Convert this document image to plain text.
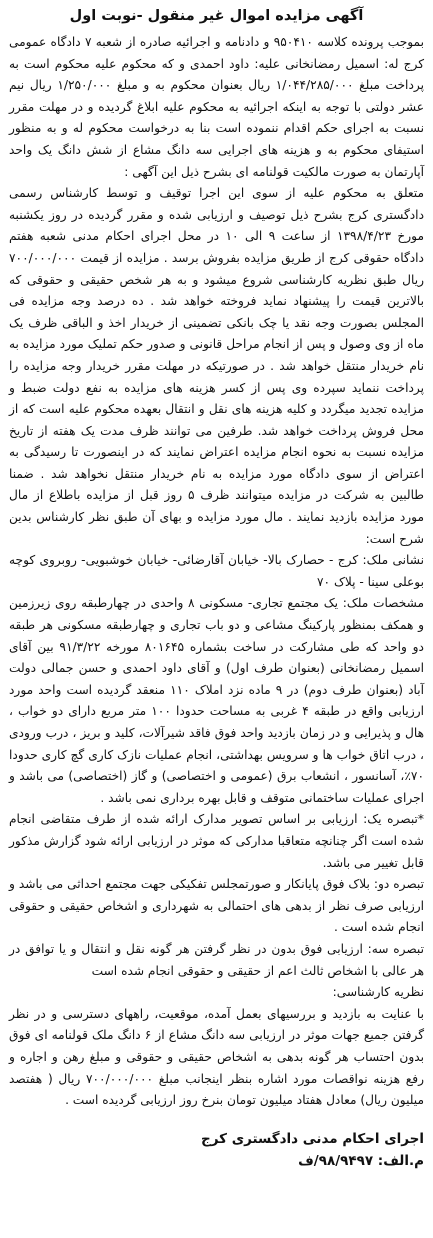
آگهی مزایده اموال غیر منقول -نوبت اول

بموجب پرونده کلاسه ۹۵۰۴۱۰ و دادنامه و اجرائیه صادره از شعبه ۷ دادگاه عمومی کرج له: اسمیل رمضانخانی علیه: داود احمدی و که محکوم علیه محکوم است به پرداخت مبلغ ۱/۰۴۴/۲۸۵/۰۰۰ ریال بعنوان محکوم به و مبلغ ۱/۲۵۰/۰۰۰ ریال نیم عشر دولتی با توجه به اینکه اجرائیه به محکوم علیه ابلاغ گردیده و در مهلت مقرر نسبت به اجرای حکم اقدام ننموده است بنا به درخواست محکوم له و به منظور استیفای محکوم به و هزینه های اجرایی سه دانگ مشاع از شش دانگ یک واحد آپارتمان به صورت مالکیت قولنامه ای بشرح ذیل این آگهی :

متعلق به محکوم علیه از سوی این اجرا توقیف و توسط کارشناس رسمی دادگستری کرج بشرح ذیل توصیف و ارزیابی شده و مقرر گردیده در روز یکشنبه مورخ ۱۳۹۸/۴/۲۳ از ساعت ۹ الی ۱۰ در محل اجرای احکام مدنی شعبه هفتم دادگاه حقوقی کرج از طریق مزایده بفروش برسد . مزایده از قیمت ۷۰۰/۰۰۰/۰۰۰ ریال طبق نظریه کارشناسی شروع میشود و به هر شخص حقیقی و حقوقی که بالاترین قیمت را پیشنهاد نماید فروخته خواهد شد . ده درصد وجه مزایده فی المجلس بصورت وجه نقد یا چک بانکی تضمینی از خریدار اخذ و الباقی ظرف یک ماه از وی وصول و پس از انجام مراحل قانونی و صدور حکم تملیک مورد مزایده به نام خریدار منتقل خواهد شد . در صورتیکه در مهلت مقرر خریدار وجه مزایده را پرداخت ننماید سپرده وی پس از کسر هزینه های مزایده به نفع دولت ضبط و مزایده تجدید میگردد و کلیه هزینه های نقل و انتقال بعهده محکوم علیه است که از محل فروش پرداخت خواهد شد. طرفین می توانند ظرف مدت یک هفته از تاریخ مزایده نسبت به نحوه انجام مزایده اعتراض نمایند که در اینصورت تا رسیدگی به اعتراض از سوی دادگاه مورد مزایده به نام خریدار منتقل نخواهد شد . ضمنا طالبین به شرکت در مزایده میتوانند ظرف ۵ روز قبل از مزایده باطلاع از مال مورد مزایده بازدید نمایند . مال مورد مزایده و بهای آن طبق نظر کارشناس بدین شرح است:

نشانی ملک: کرج - حصارک بالا- خیابان آقارضائی- خیابان خوشبویی- روبروی کوچه بوعلی سینا - پلاک ۷۰

مشخصات ملک: یک مجتمع تجاری- مسکونی ۸ واحدی در چهارطبقه روی زیرزمین و همکف بمنظور پارکینگ مشاعی و دو باب تجاری و چهارطبقه مسکونی هر طبقه دو واحد که طی مشارکت در ساخت بشماره ۸۰۱۶۴۵ مورخه ۹۱/۳/۲۲ بین آقای اسمیل رمضانخانی (بعنوان طرف اول) و آقای داود احمدی و حسن جمالی دولت آباد (بعنوان طرف دوم) در ۹ ماده نزد املاک ۱۱۰ منعقد گردیده است واحد مورد ارزیابی واقع در طبقه ۴ غربی به مساحت حدودا ۱۰۰ متر مربع دارای دو خواب ، هال و پذیرایی و در زمان بازدید واحد فوق فاقد شیرآلات، کلید و بریز ، درب ورودی ، درب اتاق خواب ها و سرویس بهداشتی، انجام عملیات نازک کاری گچ کاری حدودا ۷۰٪، آسانسور ، انشعاب برق (عمومی و اختصاصی) و گاز (اختصاصی) می باشد و اجرای عملیات ساختمانی متوقف و قابل بهره برداری نمی باشد .

*تبصره یک: ارزیابی بر اساس تصویر مدارک ارائه شده از طرف متقاضی انجام شده است اگر چنانچه متعاقبا مدارکی که موثر در ارزیابی ارائه شود گزارش مذکور قابل تغییر می باشد.

تبصره دو: بلاک فوق پایانکار و صورتمجلس تفکیکی جهت مجتمع احداثی می باشد و ارزیابی صرف نظر از بدهی های احتمالی به شهرداری و اشخاص حقیقی و حقوقی انجام شده است .

تبصره سه: ارزیابی فوق بدون در نظر گرفتن هر گونه نقل و انتقال و یا توافق در هر عالی با اشخاص ثالث اعم از حقیقی و حقوقی انجام شده است

نظریه کارشناسی:

با عنایت به بازدید و بررسیهای بعمل آمده، موقعیت، راههای دسترسی و در نظر گرفتن جمیع جهات موثر در ارزیابی سه دانگ مشاع از ۶ دانگ ملک قولنامه ای فوق بدون احتساب هر گونه بدهی به اشخاص حقیقی و حقوقی و مبلغ رهن و اجاره و رفع هزینه نواقصات مورد اشاره بنظر اینجانب مبلغ ۷۰۰/۰۰۰/۰۰۰ ریال ( هفتصد میلیون ریال) معادل هفتاد میلیون تومان بنرخ روز ارزیابی گردیده است .

اجرای احکام مدنی دادگستری کرج
م.الف: ۹۸/۹۴۹۷/ف
